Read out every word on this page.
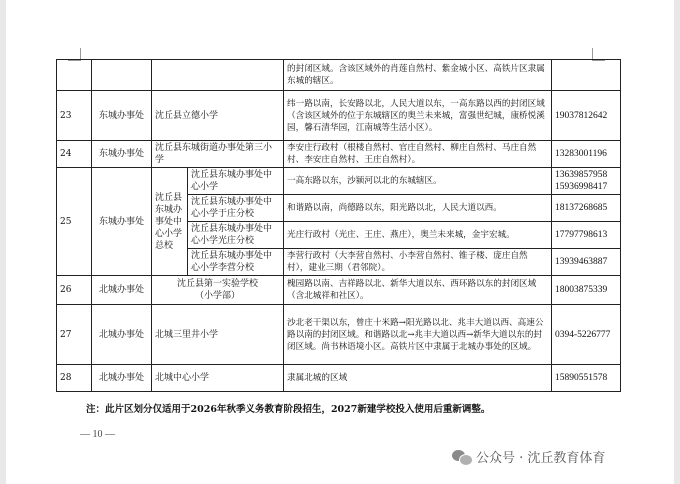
				的封闭区域。含该区域外的肖莲自然村、紫金城小区、高铁片区隶属东城的辖区。	
23	东城办事处	沈丘县立德小学		纬一路以南，长安路以北，人民大道以东，一高东路以西的封闭区域（含该区域外的位于东城辖区的奥兰未来城，富强世纪城，康桥悦溪园，馨石清华园，江南城等生活小区）。	19037812642
24	东城办事处	沈丘县东城街道办事处第三小学		李安庄行政村（根楼自然村、官庄自然村、柳庄自然村、马庄自然村、李安庄自然村、王庄自然村）。	13283001196
25	东城办事处	沈丘县东城办事处中心小学总校	沈丘县东城办事处中心小学	一高东路以东，沙颍河以北的东城辖区。	13639857958
15936998417
			沈丘县东城办事处中心小学于庄分校	和谐路以南，尚德路以东，阳光路以北，人民大道以西。	18137268685
			沈丘县东城办事处中心小学光庄分校	光庄行政村（光庄、王庄、燕庄），奥兰未来城，金宇宏城。	17797798613
			沈丘县东城办事处中心小学李营分校	李营行政村（大李营自然村、小李营自然村、锥子楼、庞庄自然村），建业三期（君邻院）。	13939463887
26	北城办事处	沈丘县第一实验学校
（小学部）		槐园路以南、吉祥路以北、新华大道以东、西环路以东的封闭区域（含北城祥和社区）。	18003875339
27	北城办事处	北城三里井小学		沙北老干渠以东，曾庄十米路→阳光路以北、兆丰大道以西、高速公路以南的封闭区域。和谐路以北→兆丰大道以西→新华大道以东的封闭区域。尚书林语境小区。高铁片区中隶属于北城办事处的区域。	0394-5226777
28	北城办事处	北城中心小学		隶属北城的区域	15890551578
注：此片区划分仅适用于2026年秋季义务教育阶段招生，2027新建学校投入使用后重新调整。
— 10 —
公众号 · 沈丘教育体育
